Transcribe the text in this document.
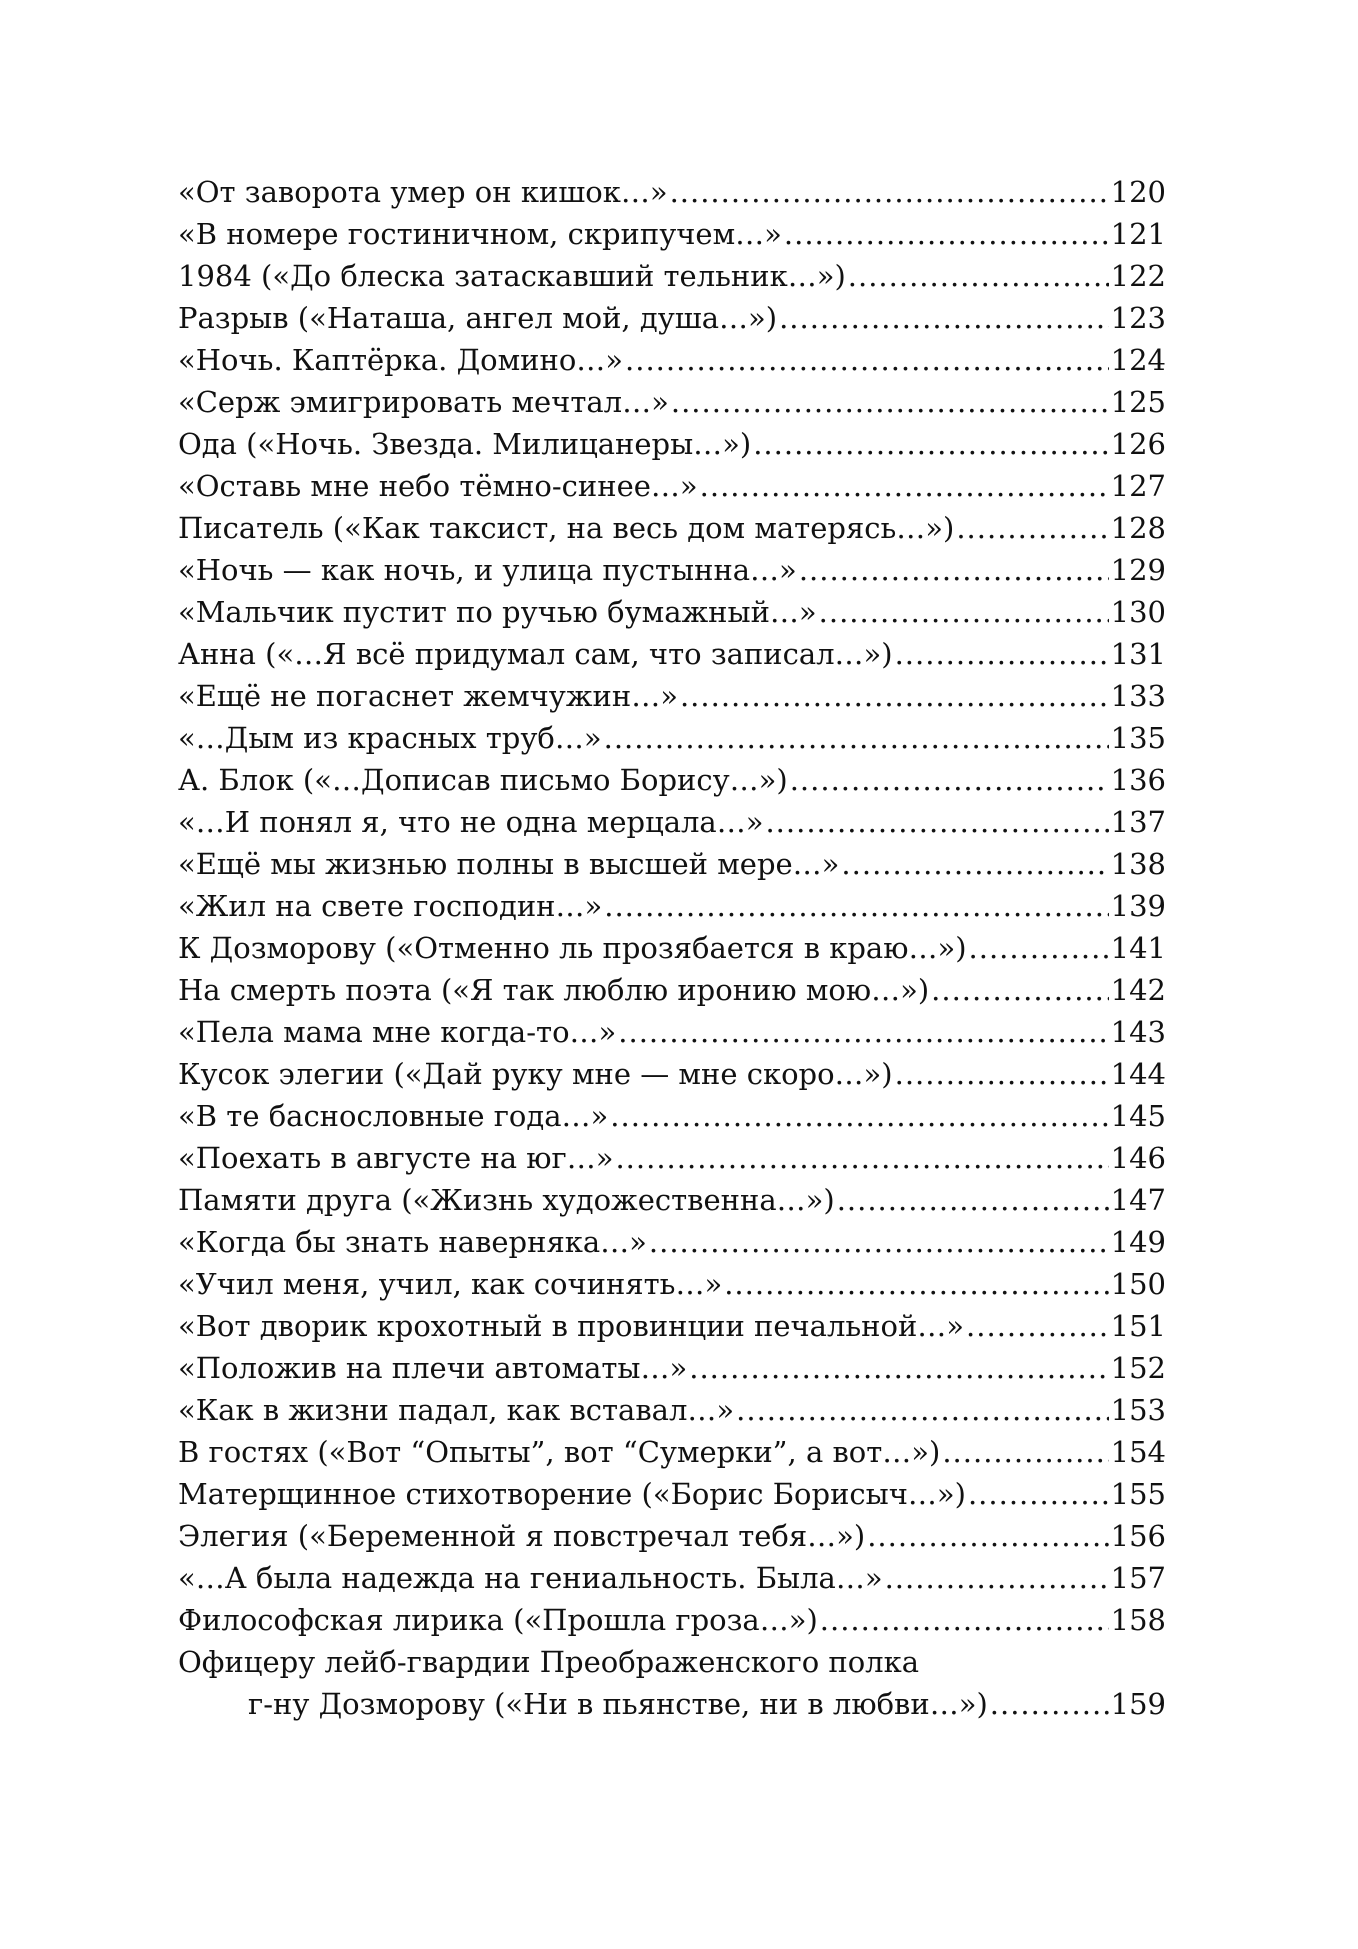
«От заворота умер он кишок…» .....	120
«В номере гостиничном, скрипучем…» .....	121
1984 («До блеска затаскавший тельник…») .....	122
Разрыв («Наташа, ангел мой, душа…») .....	123
«Ночь. Каптёрка. Домино…» .....	124
«Серж эмигрировать мечтал…» .....	125
Ода («Ночь. Звезда. Милицанеры…») .....	126
«Оставь мне небо тёмно-синее…» .....	127
Писатель («Как таксист, на весь дом матерясь…») .....	128
«Ночь — как ночь, и улица пустынна…» .....	129
«Мальчик пустит по ручью бумажный…» .....	130
Анна («…Я всё придумал сам, что записал…») .....	131
«Ещё не погаснет жемчужин…» .....	133
«…Дым из красных труб…» .....	135
А. Блок («…Дописав письмо Борису…») .....	136
«…И понял я, что не одна мерцала…» .....	137
«Ещё мы жизнью полны в высшей мере…» .....	138
«Жил на свете господин…» .....	139
К Дозморову («Отменно ль прозябается в краю…») .....	141
На смерть поэта («Я так люблю иронию мою…») .....	142
«Пела мама мне когда-то…» .....	143
Кусок элегии («Дай руку мне — мне скоро…») .....	144
«В те баснословные года…» .....	145
«Поехать в августе на юг…» .....	146
Памяти друга («Жизнь художественна…») .....	147
«Когда бы знать наверняка…» .....	149
«Учил меня, учил, как сочинять…» .....	150
«Вот дворик крохотный в провинции печальной…» .....	151
«Положив на плечи автоматы…» .....	152
«Как в жизни падал, как вставал…» .....	153
В гостях («Вот “Опыты”, вот “Сумерки”, а вот…») .....	154
Матерщинное стихотворение («Борис Борисыч…») .....	155
Элегия («Беременной я повстречал тебя…») .....	156
«…А была надежда на гениальность. Была…» .....	157
Философская лирика («Прошла гроза…») .....	158
Офицеру лейб-гвардии Преображенского полка
г-ну Дозморову («Ни в пьянстве, ни в любви…») .....	159
